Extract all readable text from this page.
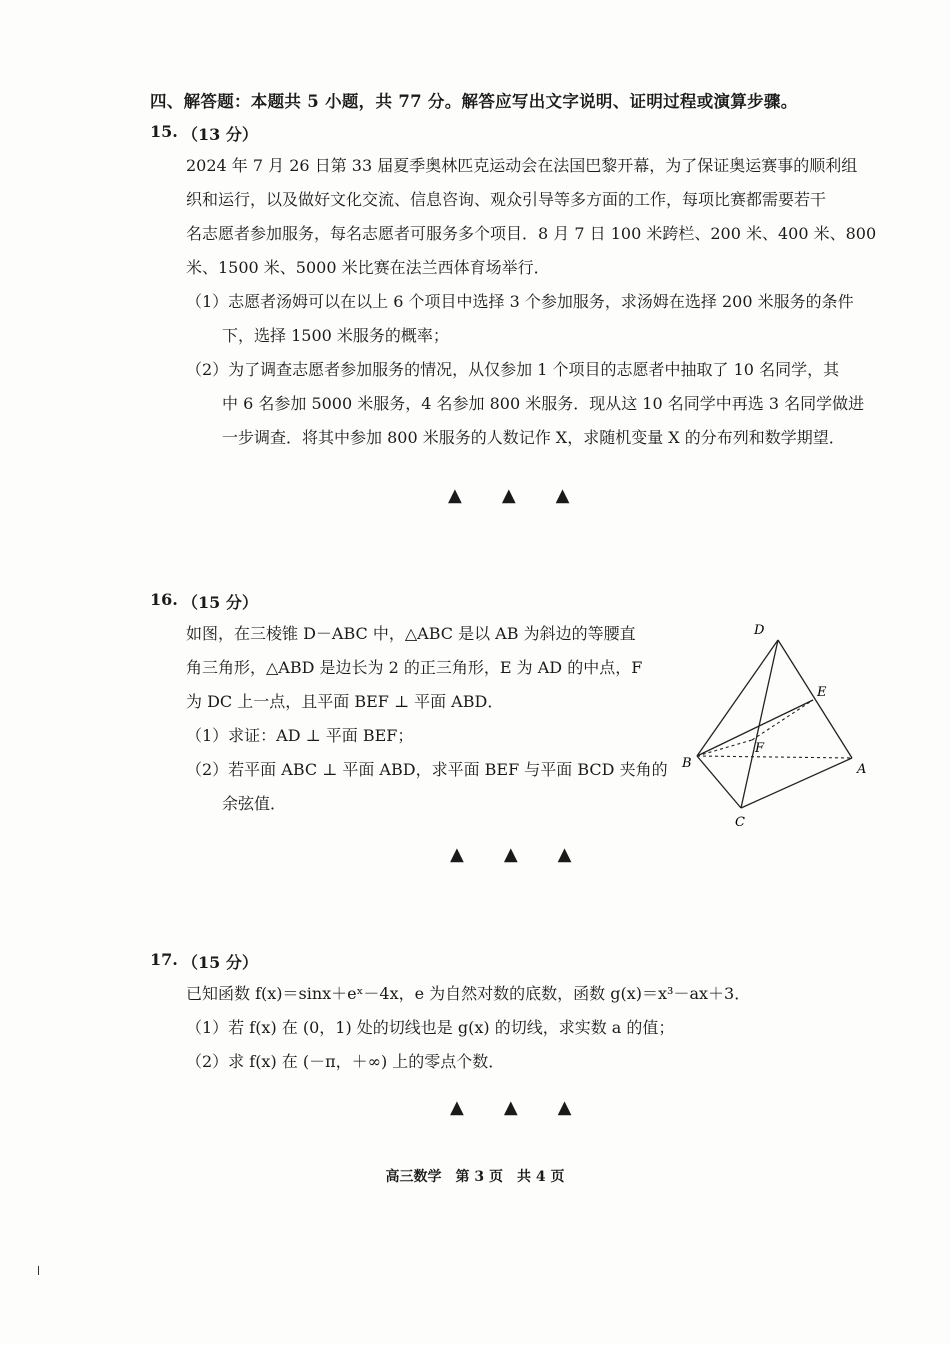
四、解答题：本题共 5 小题，共 77 分。解答应写出文字说明、证明过程或演算步骤。
15. （13 分）
2024 年 7 月 26 日第 33 届夏季奥林匹克运动会在法国巴黎开幕，为了保证奥运赛事的顺利组
织和运行，以及做好文化交流、信息咨询、观众引导等多方面的工作，每项比赛都需要若干
名志愿者参加服务，每名志愿者可服务多个项目．8 月 7 日 100 米跨栏、200 米、400 米、800
米、1500 米、5000 米比赛在法兰西体育场举行．
（1）志愿者汤姆可以在以上 6 个项目中选择 3 个参加服务，求汤姆在选择 200 米服务的条件
下，选择 1500 米服务的概率；
（2）为了调查志愿者参加服务的情况，从仅参加 1 个项目的志愿者中抽取了 10 名同学，其
中 6 名参加 5000 米服务，4 名参加 800 米服务．现从这 10 名同学中再选 3 名同学做进
一步调查．将其中参加 800 米服务的人数记作 X，求随机变量 X 的分布列和数学期望．
▲▲▲
16. （15 分）
如图，在三棱锥 D－ABC 中，△ABC 是以 AB 为斜边的等腰直
角三角形，△ABD 是边长为 2 的正三角形，E 为 AD 的中点，F
为 DC 上一点，且平面 BEF ⊥ 平面 ABD．
（1）求证：AD ⊥ 平面 BEF；
（2）若平面 ABC ⊥ 平面 ABD，求平面 BEF 与平面 BCD 夹角的
余弦值．
D
E
F
B	A
C
▲▲▲
17. （15 分）
已知函数 f(x)＝sinx＋eˣ－4x，e 为自然对数的底数，函数 g(x)＝x³－ax＋3．
（1）若 f(x) 在 (0，1) 处的切线也是 g(x) 的切线，求实数 a 的值；
（2）求 f(x) 在 (－π，＋∞) 上的零点个数．
▲▲▲
高三数学　第 3 页　共 4 页
